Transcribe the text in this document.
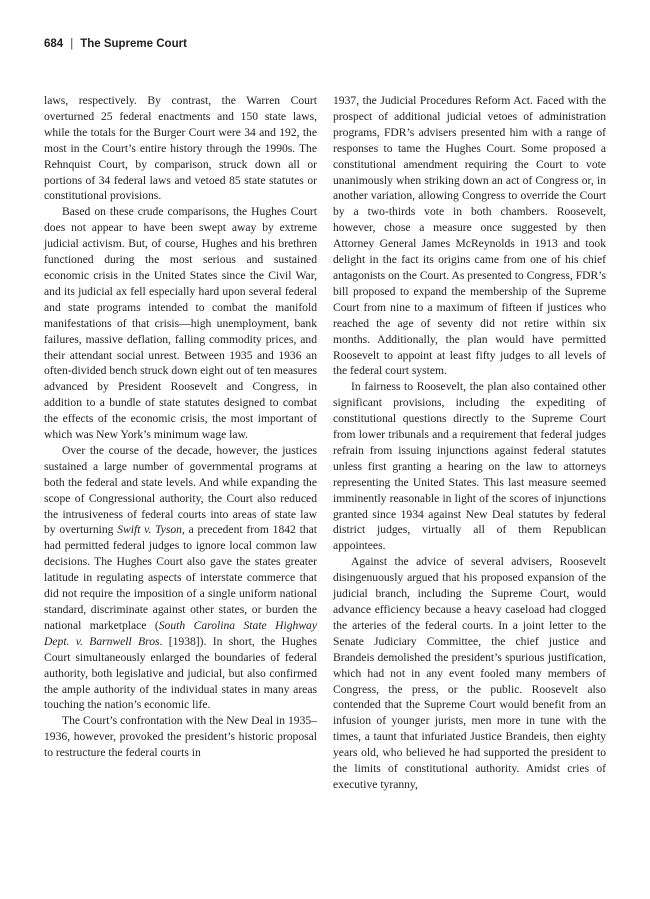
684 | The Supreme Court

laws, respectively. By contrast, the Warren Court overturned 25 federal enactments and 150 state laws, while the totals for the Burger Court were 34 and 192, the most in the Court’s entire history through the 1990s. The Rehnquist Court, by comparison, struck down all or portions of 34 federal laws and vetoed 85 state statutes or constitutional provisions.

Based on these crude comparisons, the Hughes Court does not appear to have been swept away by extreme judicial activism. But, of course, Hughes and his brethren functioned during the most serious and sustained economic crisis in the United States since the Civil War, and its judicial ax fell especially hard upon several federal and state programs intended to combat the manifold manifestations of that crisis—high unemployment, bank failures, massive deflation, falling commodity prices, and their attendant social unrest. Between 1935 and 1936 an often-divided bench struck down eight out of ten measures advanced by President Roosevelt and Congress, in addition to a bundle of state statutes designed to combat the effects of the economic crisis, the most important of which was New York’s minimum wage law.

Over the course of the decade, however, the justices sustained a large number of governmental programs at both the federal and state levels. And while expanding the scope of Congressional authority, the Court also reduced the intrusiveness of federal courts into areas of state law by overturning Swift v. Tyson, a precedent from 1842 that had permitted federal judges to ignore local common law decisions. The Hughes Court also gave the states greater latitude in regulating aspects of interstate commerce that did not require the imposition of a single uniform national standard, discriminate against other states, or burden the national marketplace (South Carolina State Highway Dept. v. Barnwell Bros. [1938]). In short, the Hughes Court simultaneously enlarged the boundaries of federal authority, both legislative and judicial, but also confirmed the ample authority of the individual states in many areas touching the nation’s economic life.

The Court’s confrontation with the New Deal in 1935–1936, however, provoked the president’s historic proposal to restructure the federal courts in

1937, the Judicial Procedures Reform Act. Faced with the prospect of additional judicial vetoes of administration programs, FDR’s advisers presented him with a range of responses to tame the Hughes Court. Some proposed a constitutional amendment requiring the Court to vote unanimously when striking down an act of Congress or, in another variation, allowing Congress to override the Court by a two-thirds vote in both chambers. Roosevelt, however, chose a measure once suggested by then Attorney General James McReynolds in 1913 and took delight in the fact its origins came from one of his chief antagonists on the Court. As presented to Congress, FDR’s bill proposed to expand the membership of the Supreme Court from nine to a maximum of fifteen if justices who reached the age of seventy did not retire within six months. Additionally, the plan would have permitted Roosevelt to appoint at least fifty judges to all levels of the federal court system.

In fairness to Roosevelt, the plan also contained other significant provisions, including the expediting of constitutional questions directly to the Supreme Court from lower tribunals and a requirement that federal judges refrain from issuing injunctions against federal statutes unless first granting a hearing on the law to attorneys representing the United States. This last measure seemed imminently reasonable in light of the scores of injunctions granted since 1934 against New Deal statutes by federal district judges, virtually all of them Republican appointees.

Against the advice of several advisers, Roosevelt disingenuously argued that his proposed expansion of the judicial branch, including the Supreme Court, would advance efficiency because a heavy caseload had clogged the arteries of the federal courts. In a joint letter to the Senate Judiciary Committee, the chief justice and Brandeis demolished the president’s spurious justification, which had not in any event fooled many members of Congress, the press, or the public. Roosevelt also contended that the Supreme Court would benefit from an infusion of younger jurists, men more in tune with the times, a taunt that infuriated Justice Brandeis, then eighty years old, who believed he had supported the president to the limits of constitutional authority. Amidst cries of executive tyranny,
